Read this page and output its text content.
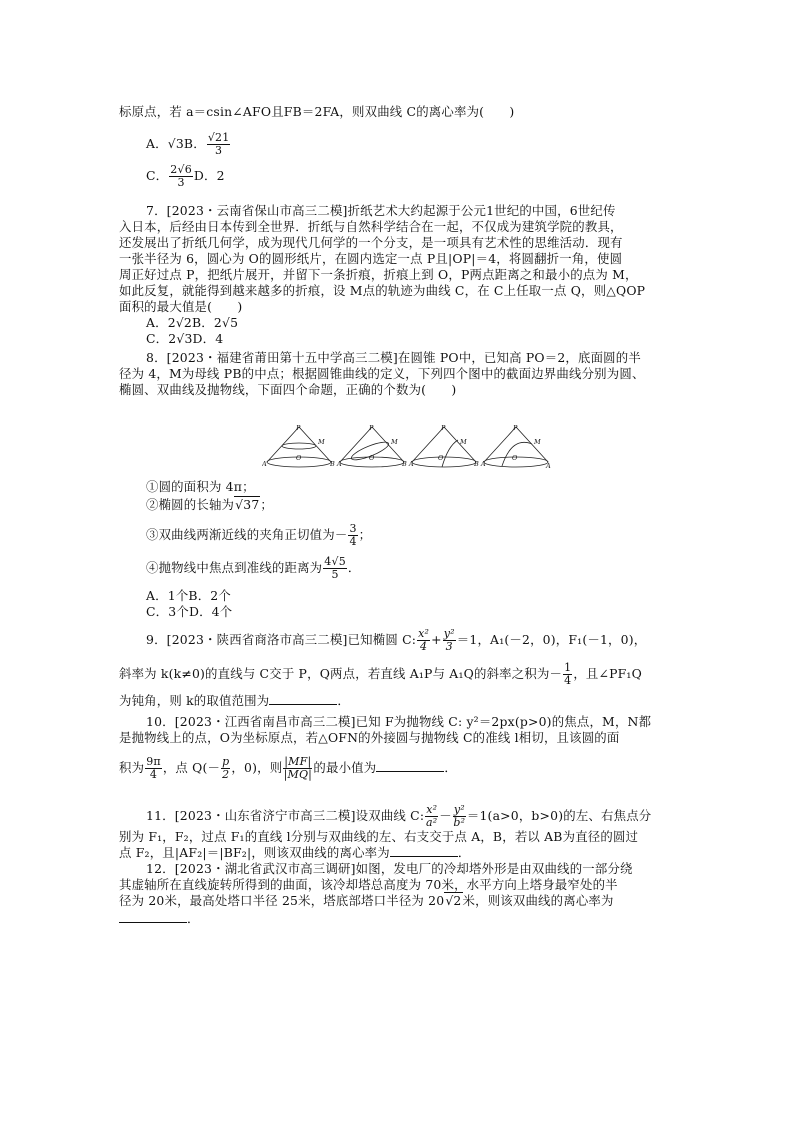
标原点，若 a＝csin∠AFO且FB＝2FA，则双曲线 C的离心率为(　　)
A．√3B． $\frac{√21}{3}$
C． $\frac{2√6}{3}$ D．2
7．[2023・云南省保山市高三二模]折纸艺术大约起源于公元1世纪的中国，6世纪传
入日本，后经由日本传到全世界．折纸与自然科学结合在一起，不仅成为建筑学院的教具，
还发展出了折纸几何学，成为现代几何学的一个分支，是一项具有艺术性的思维活动．现有
一张半径为 6，圆心为 O的圆形纸片，在圆内选定一点 P且|OP|＝4，将圆翻折一角，使圆
周正好过点 P，把纸片展开，并留下一条折痕，折痕上到 O，P两点距离之和最小的点为 M，
如此反复，就能得到越来越多的折痕，设 M点的轨迹为曲线 C，在 C上任取一点 Q，则△QOP
面积的最大值是(　　)
A．2√2B．2√5
C．2√3D．4
8．[2023・福建省莆田第十五中学高三二模]在圆锥 PO中，已知高 PO＝2，底面圆的半
径为 4，M为母线 PB的中点；根据圆锥曲线的定义，下列四个图中的截面边界曲线分别为圆、
椭圆、双曲线及抛物线，下面四个命题，正确的个数为(　　)
P
M
O
A	B A
P
M
O
B A
P
M
O
B A
P
M
O
A
①圆的面积为 4π；
②椭圆的长轴为√37；
③双曲线两渐近线的夹角正切值为－ $\frac{3}{4}$ ；
④抛物线中焦点到准线的距离为 $\frac{4√5}{5}$ ．
A．1个B．2个
C．3个D．4个
9．[2023・陕西省商洛市高三二模]已知椭圆 C: $\frac{\text{x²}}{4} + \frac{\text{y²}}{3} =1$，A₁(－2，0)，F₁(－1，0)，
斜率为 k(k≠0)的直线与 C交于 P，Q两点，若直线 A₁P与 A₁Q的斜率之积为－ $\frac{1}{4}$ ，且∠PF₁Q
为钝角，则 k的取值范围为	．
10．[2023・江西省南昌市高三二模]已知 F为抛物线 C: y²＝2px(p>0)的焦点，M，N都
是抛物线上的点，O为坐标原点，若△OFN的外接圆与抛物线 C的准线 l相切，且该圆的面
积为 $\frac{9\pi}{4}$ ，点 $Q(- \frac{p}{2}$ ，0)，则 $\frac{|MF|}{|MQ|}$ 的最小值为	．
11．[2023・山东省济宁市高三二模]设双曲线 C: $\frac{\text{x²}}{\text{a²}} - \frac{\text{y²}}{\text{b²}} =1(a>0$，b>0)的左、右焦点分
别为 F₁，F₂，过点 F₁的直线 l分别与双曲线的左、右支交于点 A，B，若以 AB为直径的圆过
点 F₂，且|AF₂|＝|BF₂|，则该双曲线的离心率为	．
12．[2023・湖北省武汉市高三调研]如图，发电厂的冷却塔外形是由双曲线的一部分绕
其虚轴所在直线旋转所得到的曲面，该冷却塔总高度为 70米，水平方向上塔身最窄处的半
径为 20米，最高处塔口半径 25米，塔底部塔口半径为 20√2米，则该双曲线的离心率为
．
